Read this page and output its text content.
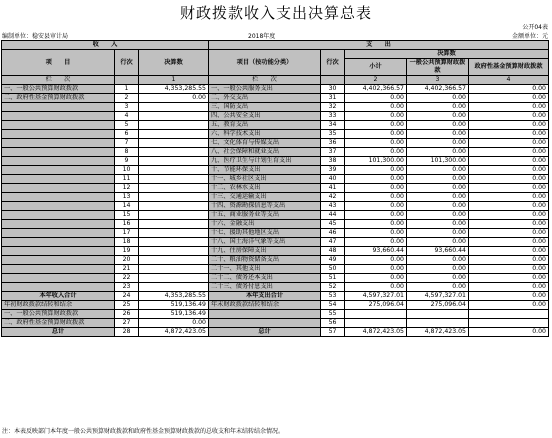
财政拨款收入支出决算总表
公开04表
编制单位：稳安县审计局	2018年度	金额单位：元
收　　入			支　　出				
项　　目	行次	决算数	项目（按功能分类）	行次	决算数		
					小计	一般公共预算财政拨款	政府性基金预算财政拨款

栏　　次		1	栏　　次		2	3	4
一、一般公共预算财政拨款	1	4,353,285.55	一、一般公共服务支出	30	4,402,366.57	4,402,366.57	0.00
二、政府性基金预算财政拨款	2	0.00	二、外交支出	31	0.00	0.00	0.00
	3		三、国防支出	32	0.00	0.00	0.00
	4		四、公共安全支出	33	0.00	0.00	0.00
	5		五、教育支出	34	0.00	0.00	0.00
	6		六、科学技术支出	35	0.00	0.00	0.00
	7		七、文化体育与传媒支出	36	0.00	0.00	0.00
	8		八、社会保障和就业支出	37	0.00	0.00	0.00
	9		九、医疗卫生与计划生育支出	38	101,300.00	101,300.00	0.00
	10		十、节能环保支出	39	0.00	0.00	0.00
	11		十一、城乡社区支出	40	0.00	0.00	0.00
	12		十二、农林水支出	41	0.00	0.00	0.00
	13		十三、交通运输支出	42	0.00	0.00	0.00
	14		十四、资源勘探信息等支出	43	0.00	0.00	0.00
	15		十五、商业服务业等支出	44	0.00	0.00	0.00
	16		十六、金融支出	45	0.00	0.00	0.00
	17		十七、援助其他地区支出	46	0.00	0.00	0.00
	18		十八、国土海洋气象等支出	47	0.00	0.00	0.00
	19		十九、住房保障支出	48	93,660.44	93,660.44	0.00
	20		二十、粮油物资储备支出	49	0.00	0.00	0.00
	21		二十一、其他支出	50	0.00	0.00	0.00
	22		二十二、债务还本支出	51	0.00	0.00	0.00
	23		二十三、债务付息支出	52	0.00	0.00	0.00
本年收入合计	24	4,353,285.55	本年支出合计	53	4,597,327.01	4,597,327.01	0.00
年初财政拨款结转和结余	25	519,136.49	年末财政拨款结转和结余	54	275,096.04	275,096.04	0.00
一、一般公共预算财政拨款	26	519,136.49		55			
二、政府性基金预算财政拨款	27	0.00		56			
总计	28	4,872,423.05	总计	57	4,872,423.05	4,872,423.05	0.00
注：本表反映部门本年度一般公共预算财政拨款和政府性基金预算财政拨款的总收支和年末结转结余情况。
